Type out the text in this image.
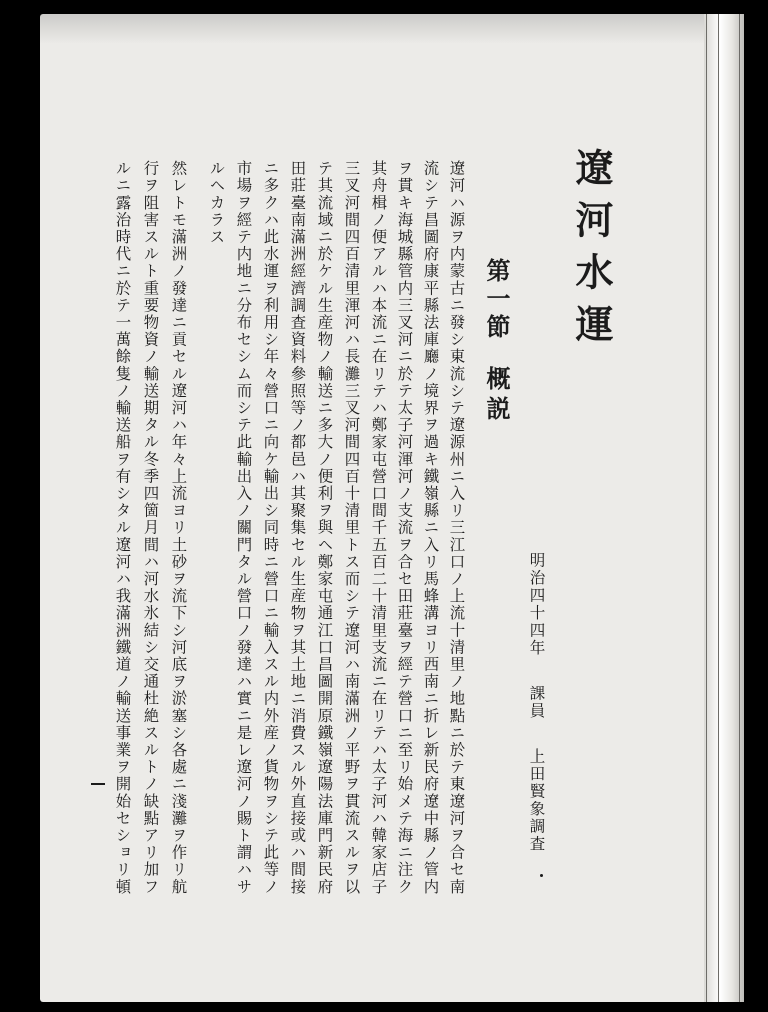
遼河水運
第一節概説
明治四十四年課員上田賢象調査
遼河ハ源ヲ内蒙古ニ發シ東流シテ遼源州ニ入リ三江口ノ上流十清里ノ地點ニ於テ東遼河ヲ合セ南
流シテ昌圖府康平縣法庫廳ノ境界ヲ過キ鐵嶺縣ニ入リ馬蜂溝ヨリ西南ニ折レ新民府遼中縣ノ管内
ヲ貫キ海城縣管内三叉河ニ於テ太子河渾河ノ支流ヲ合セ田莊臺ヲ經テ營口ニ至リ始メテ海ニ注ク
其舟楫ノ便アルハ本流ニ在リテハ鄭家屯營口間千五百二十清里支流ニ在リテハ太子河ハ韓家店子
三叉河間四百清里渾河ハ長灘三叉河間四百十清里トス而シテ遼河ハ南滿洲ノ平野ヲ貫流スルヲ以
テ其流域ニ於ケル生産物ノ輸送ニ多大ノ便利ヲ與ヘ鄭家屯通江口昌圖開原鐵嶺遼陽法庫門新民府
田莊臺南滿洲經濟調査資料參照等ノ都邑ハ其聚集セル生産物ヲ其土地ニ消費スル外直接或ハ間接
ニ多クハ此水運ヲ利用シ年々營口ニ向ケ輸出シ同時ニ營口ニ輸入スル内外産ノ貨物ヲシテ此等ノ
市場ヲ經テ内地ニ分布セシム而シテ此輸出入ノ關門タル營口ノ發達ハ實ニ是レ遼河ノ賜ト謂ハサ
ルヘカラス
然レトモ滿洲ノ發達ニ貢セル遼河ハ年々上流ヨリ土砂ヲ流下シ河底ヲ淤塞シ各處ニ淺灘ヲ作リ航
行ヲ阻害スルト重要物資ノ輸送期タル冬季四箇月間ハ河水氷結シ交通杜絶スルトノ缺點アリ加フ
ルニ露治時代ニ於テ一萬餘隻ノ輸送船ヲ有シタル遼河ハ我滿洲鐵道ノ輸送事業ヲ開始セショリ頓
